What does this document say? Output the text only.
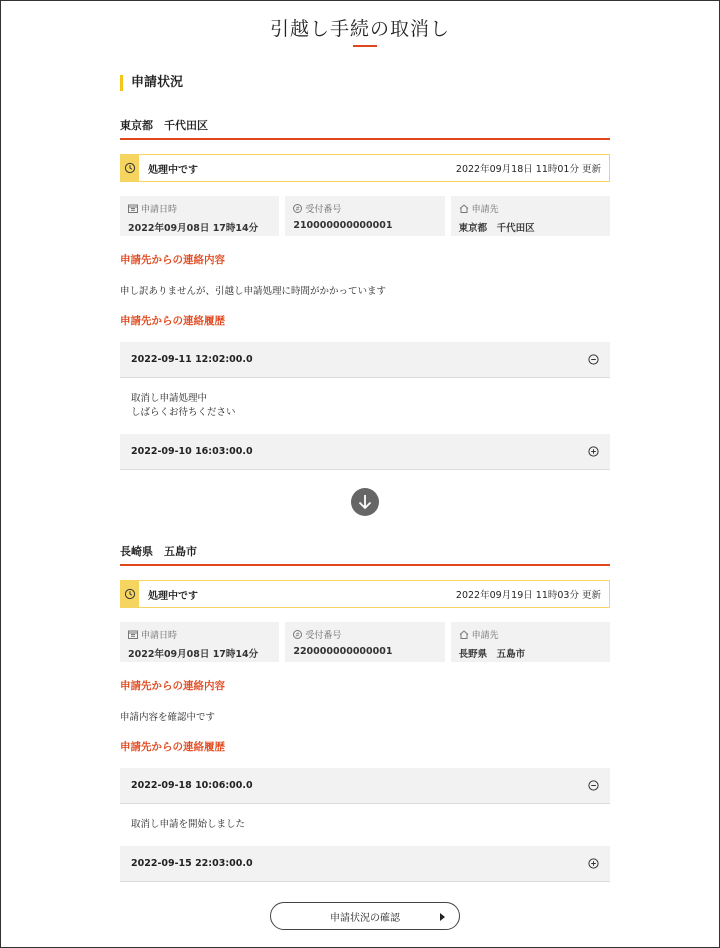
引越し手続の取消し
申請状況
東京都　千代田区
処理中です	2022年09月18日 11時01分 更新
申請日時
2022年09月08日 17時14分
# 受付番号
210000000000001
申請先
東京都　千代田区
申請先からの連絡内容
申し訳ありませんが、引越し申請処理に時間がかかっています
申請先からの連絡履歴
2022-09-11 12:02:00.0
取消し申請処理中
しばらくお待ちください
2022-09-10 16:03:00.0
長崎県　五島市
処理中です	2022年09月19日 11時03分 更新
申請日時
2022年09月08日 17時14分
# 受付番号
220000000000001
申請先
長野県　五島市
申請先からの連絡内容
申請内容を確認中です
申請先からの連絡履歴
2022-09-18 10:06:00.0
取消し申請を開始しました
2022-09-15 22:03:00.0
申請状況の確認
